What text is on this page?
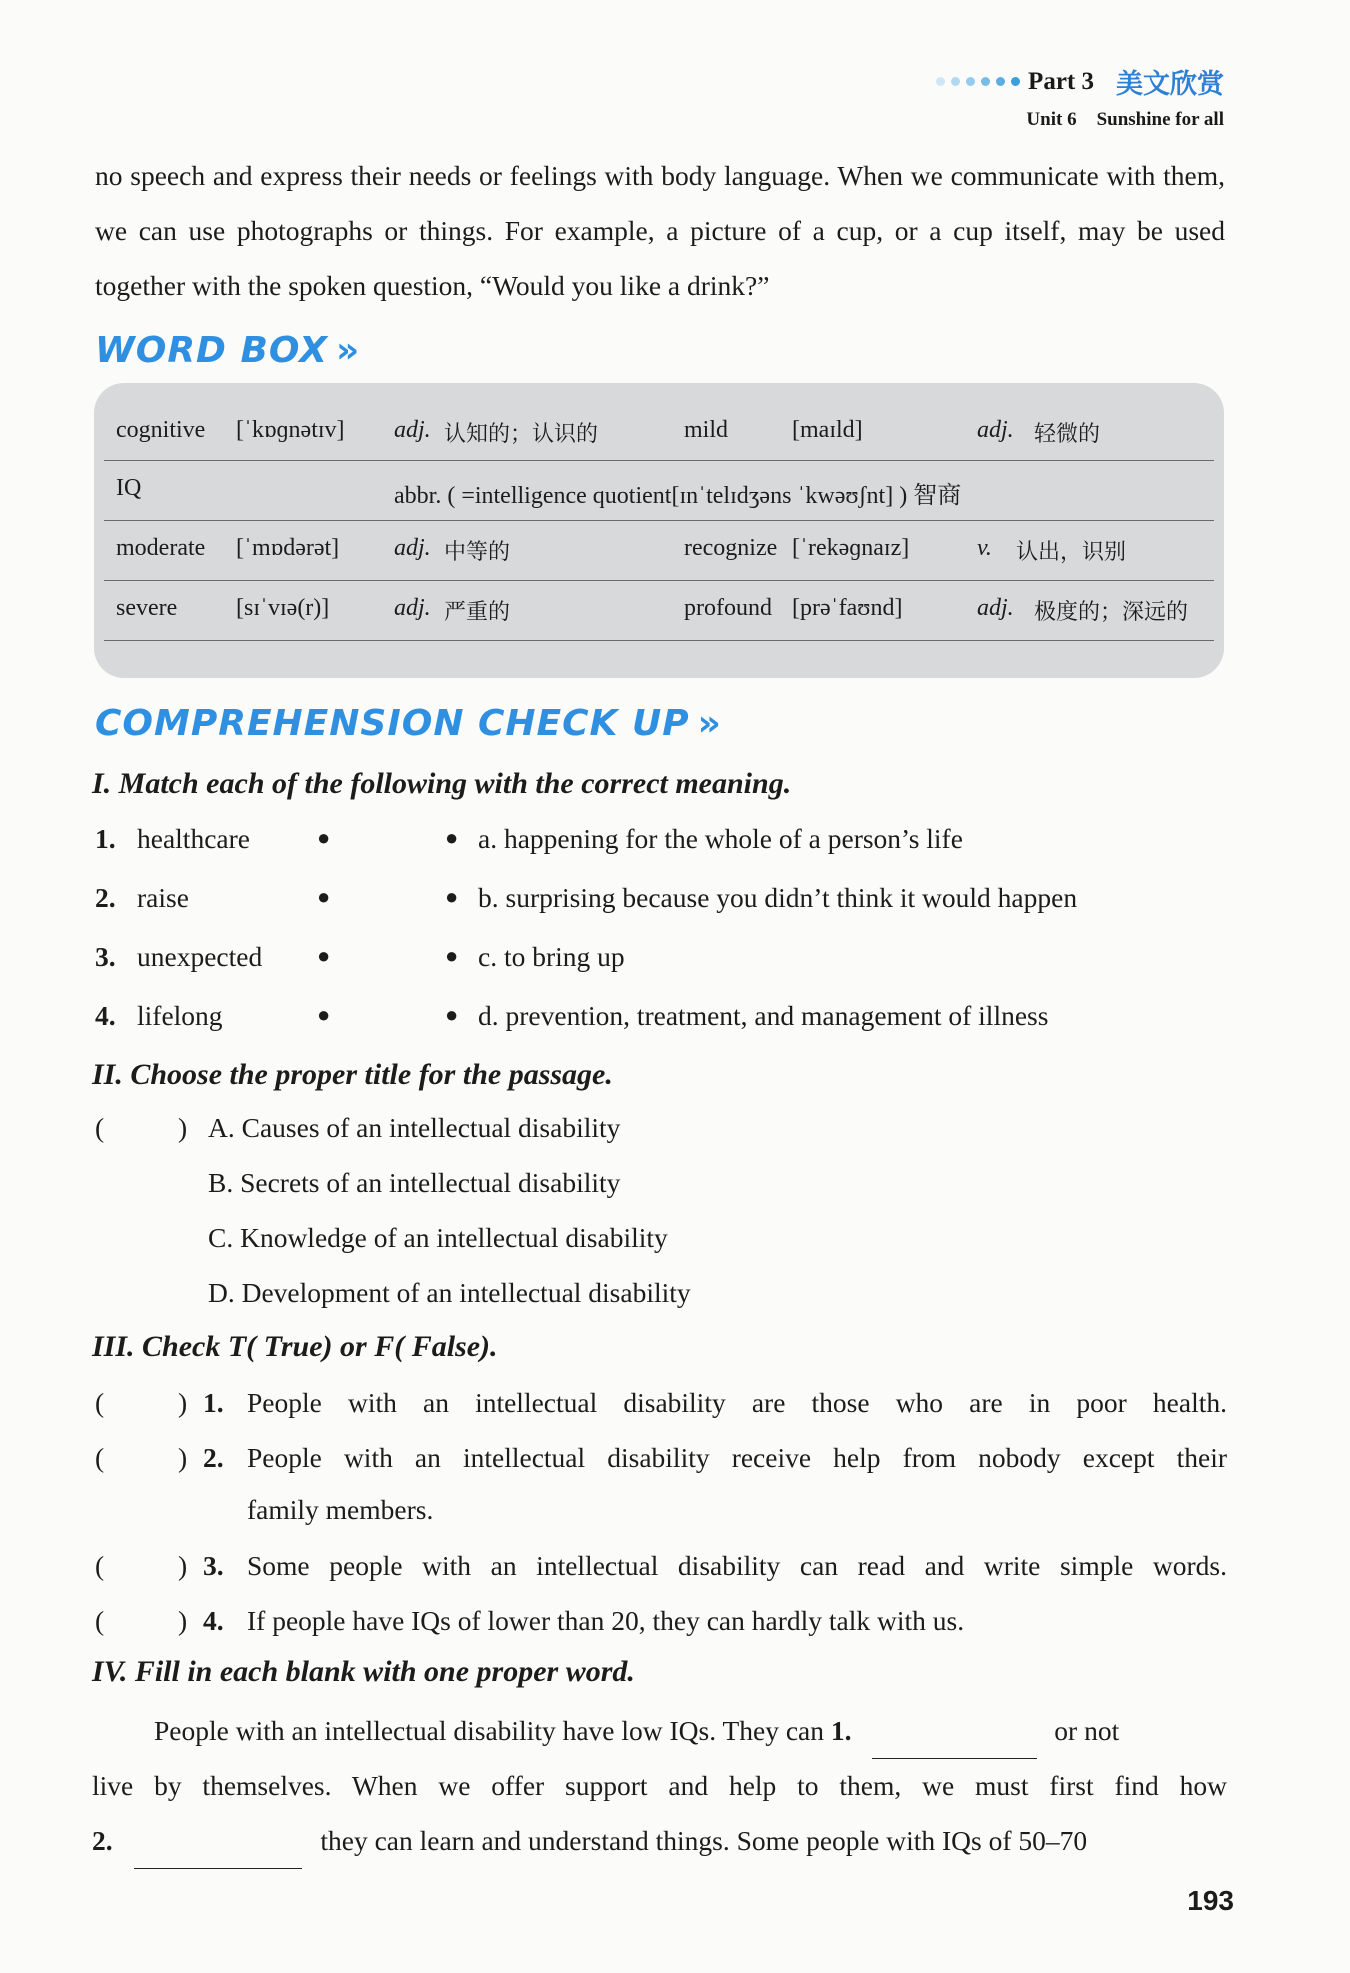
Part 3 美文欣赏
Unit 6 Sunshine for all

no speech and express their needs or feelings with body language. When we communicate with them, we can use photographs or things. For example, a picture of a cup, or a cup itself, may be used together with the spoken question, “Would you like a drink?”

WORD BOX »
cognitive [ˈkɒɡnətɪv] adj. 认知的；认识的	mild	[maɪld]	adj. 轻微的
IQ	abbr. ( =intelligence quotient[ɪnˈtelɪdʒəns ˈkwəʊʃnt] ) 智商
moderate [ˈmɒdərət] adj. 中等的	recognize [ˈrekəɡnaɪz]	v. 认出，识别
severe [sɪˈvɪə(r)]	adj. 严重的	profound [prəˈfaʊnd]	adj. 极度的；深远的
COMPREHENSION CHECK UP »
I. Match each of the following with the correct meaning.
1. healthcare	●	● a. happening for the whole of a person’s life
2. raise	●	● b. surprising because you didn’t think it would happen
3. unexpected ●	● c. to bring up
4. lifelong	●	● d. prevention, treatment, and management of illness
II. Choose the proper title for the passage.
(	) A. Causes of an intellectual disability
B. Secrets of an intellectual disability
C. Knowledge of an intellectual disability
D. Development of an intellectual disability
III. Check T( True) or F( False).
(	) 1. People with an intellectual disability are those who are in poor health.
(	) 2. People with an intellectual disability receive help from nobody except their
family members.
(	) 3. Some people with an intellectual disability can read and write simple words.
(	) 4. If people have IQs of lower than 20, they can hardly talk with us.
IV. Fill in each blank with one proper word.
People with an intellectual disability have low IQs. They can 1.	or not
live by themselves. When we offer support and help to them, we must first find how
2.	they can learn and understand things. Some people with IQs of 50–70
193
